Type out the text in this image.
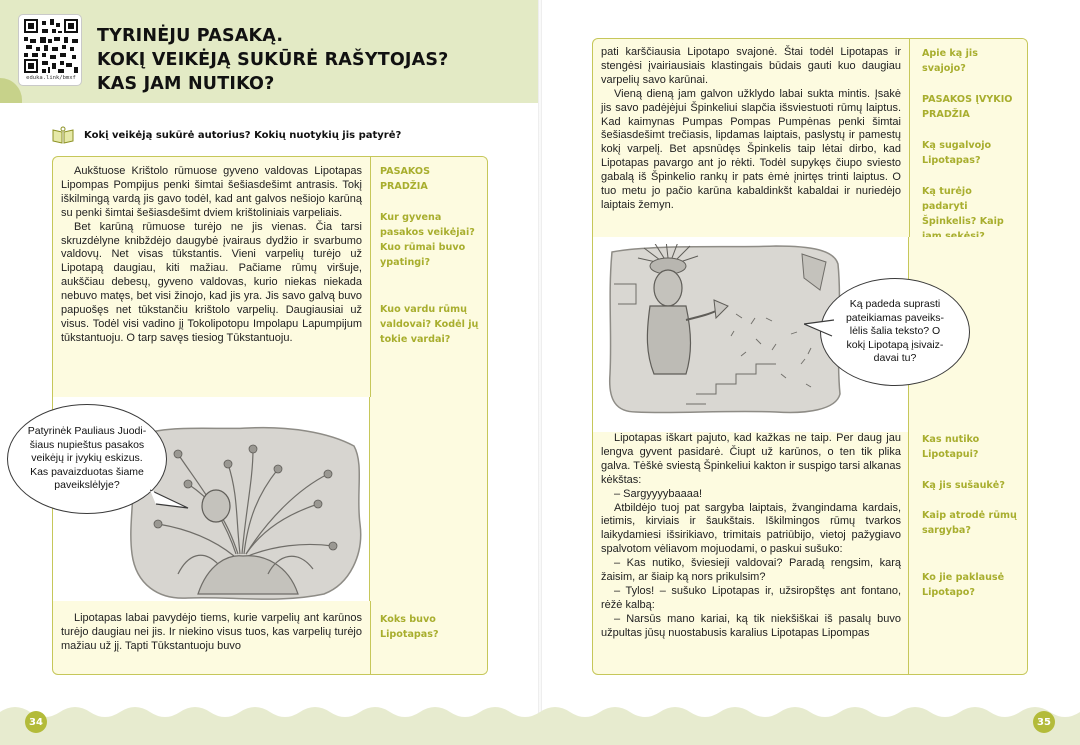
eduka.link/bmxf
TYRINĖJU PASAKĄ.
KOKĮ VEIKĖJĄ SUKŪRĖ RAŠYTOJAS?
KAS JAM NUTIKO?
Kokį veikėją sukūrė autorius? Kokių nuotykių jis patyrė?

Aukštuose Krištolo rūmuose gyveno valdovas Lipotapas Lipompas Pompijus penki šimtai šešiasdešimt antrasis. Tokį iškilmingą vardą jis gavo todėl, kad ant galvos nešiojo karūną su penki šimtai šešiasdešimt dviem krištoliniais varpeliais.

Bet karūną rūmuose turėjo ne jis vienas. Čia tarsi skruzdėlyne knibždėjo daugybė įvairaus dydžio ir svarbumo valdovų. Net visas tūkstantis. Vieni varpelių turėjo už Lipotapą daugiau, kiti mažiau. Pačiame rūmų viršuje, aukščiau debesų, gyveno valdovas, kurio niekas niekada nebuvo matęs, bet visi žinojo, kad jis yra. Jis savo galvą buvo papuošęs net tūkstančiu krištolo varpelių. Daugiausiai už visus. Todėl visi vadino jį Tokolipotopu Impolapu Lapumpijum tūkstantuoju. O tarp savęs tiesiog Tūkstantuoju.

PASAKOS PRADŽIA
Kur gyvena pasakos veikėjai? Kuo rūmai buvo ypatingi?
Kuo vardu rūmų valdovai? Kodėl jų tokie vardai?
Patyrinėk Pauliaus Juodi-
šiaus nupieštus pasakos
veikėjų ir įvykių eskizus.
Kas pavaizduotas šiame
paveikslėlyje?

Lipotapas labai pavydėjo tiems, kurie varpelių ant karūnos turėjo daugiau nei jis. Ir niekino visus tuos, kas varpelių turėjo mažiau už jį. Tapti Tūkstantuoju buvo

Koks buvo Lipotapas?

pati karščiausia Lipotapo svajonė. Štai todėl Lipotapas ir stengėsi įvairiausiais klastingais būdais gauti kuo daugiau varpelių savo karūnai.

Vieną dieną jam galvon užklydo labai sukta mintis. Įsakė jis savo padėjėjui Špinkeliui slapčia išsviestuoti rūmų laiptus. Kad kaimynas Pumpas Pompas Pumpėnas penki šimtai šešiasdešimt trečiasis, lipdamas laiptais, paslystų ir pamestų kokį varpelį. Bet apsnūdęs Špinkelis taip lėtai dirbo, kad Lipotapas pavargo ant jo rėkti. Todėl supykęs čiupo sviesto gabalą iš Špinkelio rankų ir pats ėmė įnirtęs trinti laiptus. O tuo metu jo pačio karūna kabaldinkšt kabaldai ir nuriedėjo laiptais žemyn.

Apie ką jis svajojo?
PASAKOS ĮVYKIO PRADŽIA
Ką sugalvojo Lipotapas?
Ką turėjo padaryti Špinkelis? Kaip
Ką padeda suprasti
pateikiamas paveiks-
lėlis šalia teksto? O
kokį Lipotapą įsivaiz-
davai tu?

Lipotapas iškart pajuto, kad kažkas ne taip. Per daug jau lengva gyvent pasidarė. Čiupt už karūnos, o ten tik plika galva. Tėškė sviestą Špinkeliui kakton ir suspigo tarsi alkanas kėkštas:

– Sargyyyybaaaa!

Atbildėjo tuoj pat sargyba laiptais, žvangindama kardais, ietimis, kirviais ir šaukštais. Iškilmingos rūmų tvarkos laikydamiesi išsirikiavo, trimitais patriūbijo, vietoj pažygiavo spalvotom vėliavom mojuodami, o paskui sušuko:

– Kas nutiko, šviesieji valdovai? Paradą rengsim, karą žaisim, ar šiaip ką nors prikulsim?

– Tylos! – sušuko Lipotapas ir, užsiropštęs ant fontano, rėžė kalbą:

– Narsūs mano kariai, ką tik niekšiškai iš pasalų buvo užpultas jūsų nuostabusis karalius Lipotapas Lipompas

Kas nutiko Lipotapui?
Ką jis sušaukė?
Kaip atrodė rūmų sargyba?
Ko jie paklausė Lipotapo?
34	35
